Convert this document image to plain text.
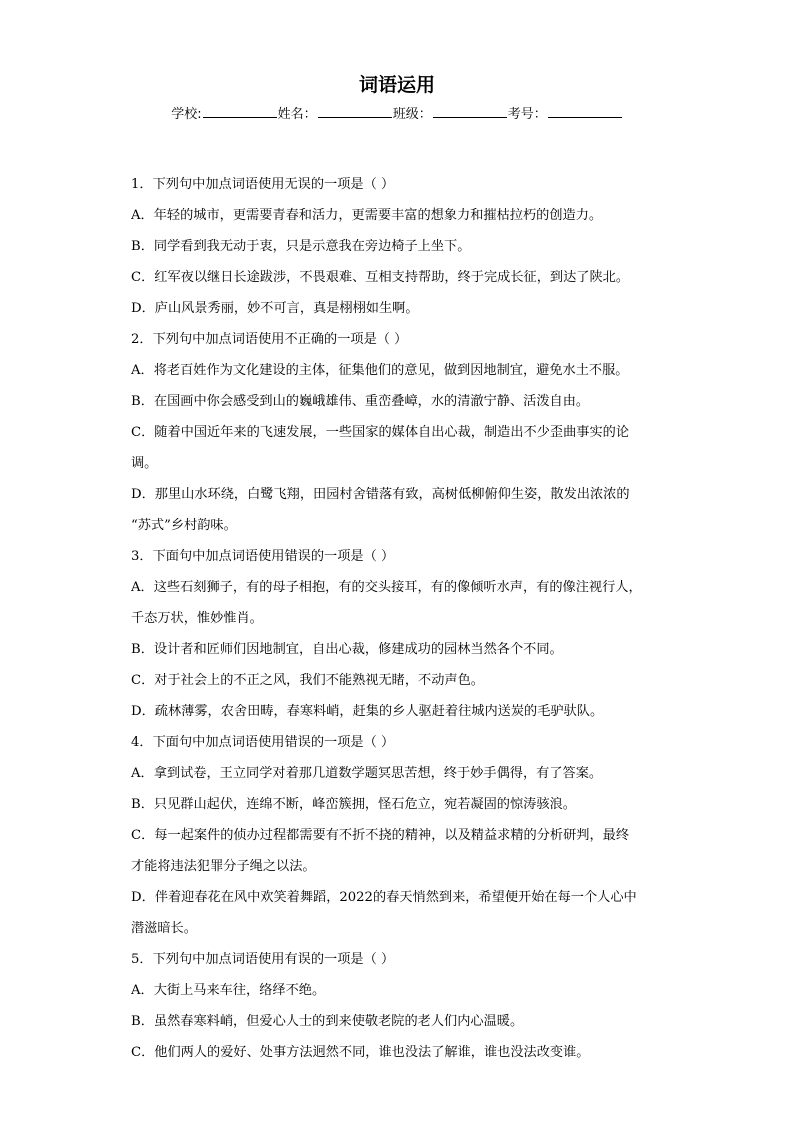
词语运用
学校:	姓名：	班级：	考号：
1．下列句中加点词语使用无误的一项是（ ）
A．年轻的城市，更需要青春和活力，更需要丰富的想象力和摧枯拉朽的创造力。
B．同学看到我无动于衷，只是示意我在旁边椅子上坐下。
C．红军夜以继日长途跋涉，不畏艰难、互相支持帮助，终于完成长征，到达了陕北。
D．庐山风景秀丽，妙不可言，真是栩栩如生啊。
2．下列句中加点词语使用不正确的一项是（ ）
A．将老百姓作为文化建设的主体，征集他们的意见，做到因地制宜，避免水土不服。
B．在国画中你会感受到山的巍峨雄伟、重峦叠嶂，水的清澈宁静、活泼自由。
C．随着中国近年来的飞速发展，一些国家的媒体自出心裁，制造出不少歪曲事实的论
调。
D．那里山水环绕，白鹭飞翔，田园村舍错落有致，高树低柳俯仰生姿，散发出浓浓的
“苏式”乡村韵味。
3．下面句中加点词语使用错误的一项是（ ）
A．这些石刻狮子，有的母子相抱，有的交头接耳，有的像倾听水声，有的像注视行人，
千态万状，惟妙惟肖。
B．设计者和匠师们因地制宜，自出心裁，修建成功的园林当然各个不同。
C．对于社会上的不正之风，我们不能熟视无睹，不动声色。
D．疏林薄雾，农舍田畴，春寒料峭，赶集的乡人驱赶着往城内送炭的毛驴驮队。
4．下面句中加点词语使用错误的一项是（ ）
A．拿到试卷，王立同学对着那几道数学题冥思苦想，终于妙手偶得，有了答案。
B．只见群山起伏，连绵不断，峰峦簇拥，怪石危立，宛若凝固的惊涛骇浪。
C．每一起案件的侦办过程都需要有不折不挠的精神，以及精益求精的分析研判，最终
才能将违法犯罪分子绳之以法。
D．伴着迎春花在风中欢笑着舞蹈，2022的春天悄然到来，希望便开始在每一个人心中
潜滋暗长。
5．下列句中加点词语使用有误的一项是（ ）
A．大街上马来车往，络绎不绝。
B．虽然春寒料峭，但爱心人士的到来使敬老院的老人们内心温暖。
C．他们两人的爱好、处事方法迥然不同，谁也没法了解谁，谁也没法改变谁。
